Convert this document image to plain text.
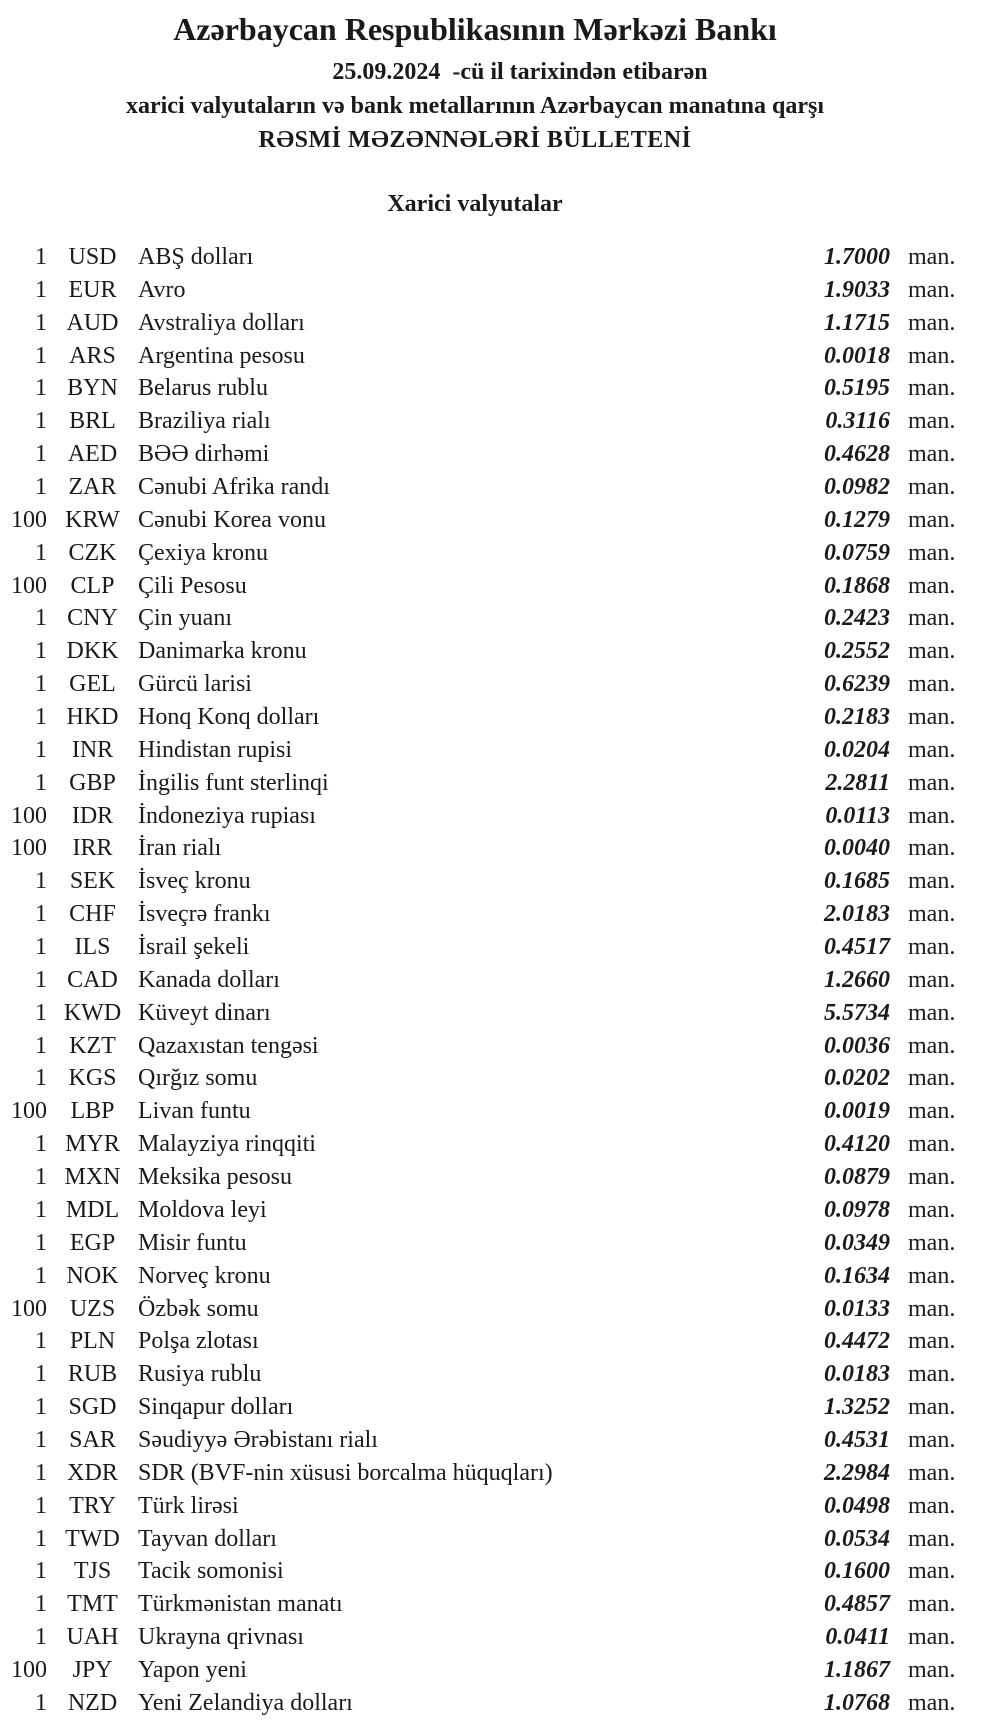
Azərbaycan Respublikasının Mərkəzi Bankı
25.09.2024  -cü il tarixindən etibarən
xarici valyutaların və bank metallarının Azərbaycan manatına qarşı
RƏSMİ MƏZƏNNƏLƏRİ BÜLLETENİ
Xarici valyutalar
1 USD ABŞ dolları	1.7000 man.
1 EUR Avro	1.9033 man.
1 AUD Avstraliya dolları	1.1715 man.
1 ARS Argentina pesosu	0.0018 man.
1 BYN Belarus rublu	0.5195 man.
1 BRL Braziliya rialı	0.3116 man.
1 AED BƏƏ dirhəmi	0.4628 man.
1 ZAR Cənubi Afrika randı	0.0982 man.
100 KRW Cənubi Korea vonu	0.1279 man.
1 CZK Çexiya kronu	0.0759 man.
100 CLP Çili Pesosu	0.1868 man.
1 CNY Çin yuanı	0.2423 man.
1 DKK Danimarka kronu	0.2552 man.
1 GEL Gürcü larisi	0.6239 man.
1 HKD Honq Konq dolları	0.2183 man.
1	INR	Hindistan rupisi	0.0204 man.
1 GBP İngilis funt sterlinqi	2.2811 man.
100	IDR	İndoneziya rupiası	0.0113 man.
100	IRR	İran rialı	0.0040 man.
1 SEK İsveç kronu	0.1685 man.
1 CHF İsveçrə frankı	2.0183 man.
1	ILS	İsrail şekeli	0.4517 man.
1 CAD Kanada dolları	1.2660 man.
1 KWD Küveyt dinarı	5.5734 man.
1 KZT Qazaxıstan tengəsi	0.0036 man.
1 KGS Qırğız somu	0.0202 man.
100 LBP Livan funtu	0.0019 man.
1 MYR Malayziya rinqqiti	0.4120 man.
1 MXN Meksika pesosu	0.0879 man.
1 MDL Moldova leyi	0.0978 man.
1 EGP Misir funtu	0.0349 man.
1 NOK Norveç kronu	0.1634 man.
100 UZS Özbək somu	0.0133 man.
1 PLN Polşa zlotası	0.4472 man.
1 RUB Rusiya rublu	0.0183 man.
1 SGD Sinqapur dolları	1.3252 man.
1 SAR Səudiyyə Ərəbistanı rialı	0.4531 man.
1 XDR SDR (BVF-nin xüsusi borcalma hüquqları)	2.2984 man.
1 TRY Türk lirəsi	0.0498 man.
1 TWD Tayvan dolları	0.0534 man.
1	TJS	Tacik somonisi	0.1600 man.
1 TMT Türkmənistan manatı	0.4857 man.
1 UAH Ukrayna qrivnası	0.0411 man.
100	JPY	Yapon yeni	1.1867 man.
1 NZD Yeni Zelandiya dolları	1.0768 man.
